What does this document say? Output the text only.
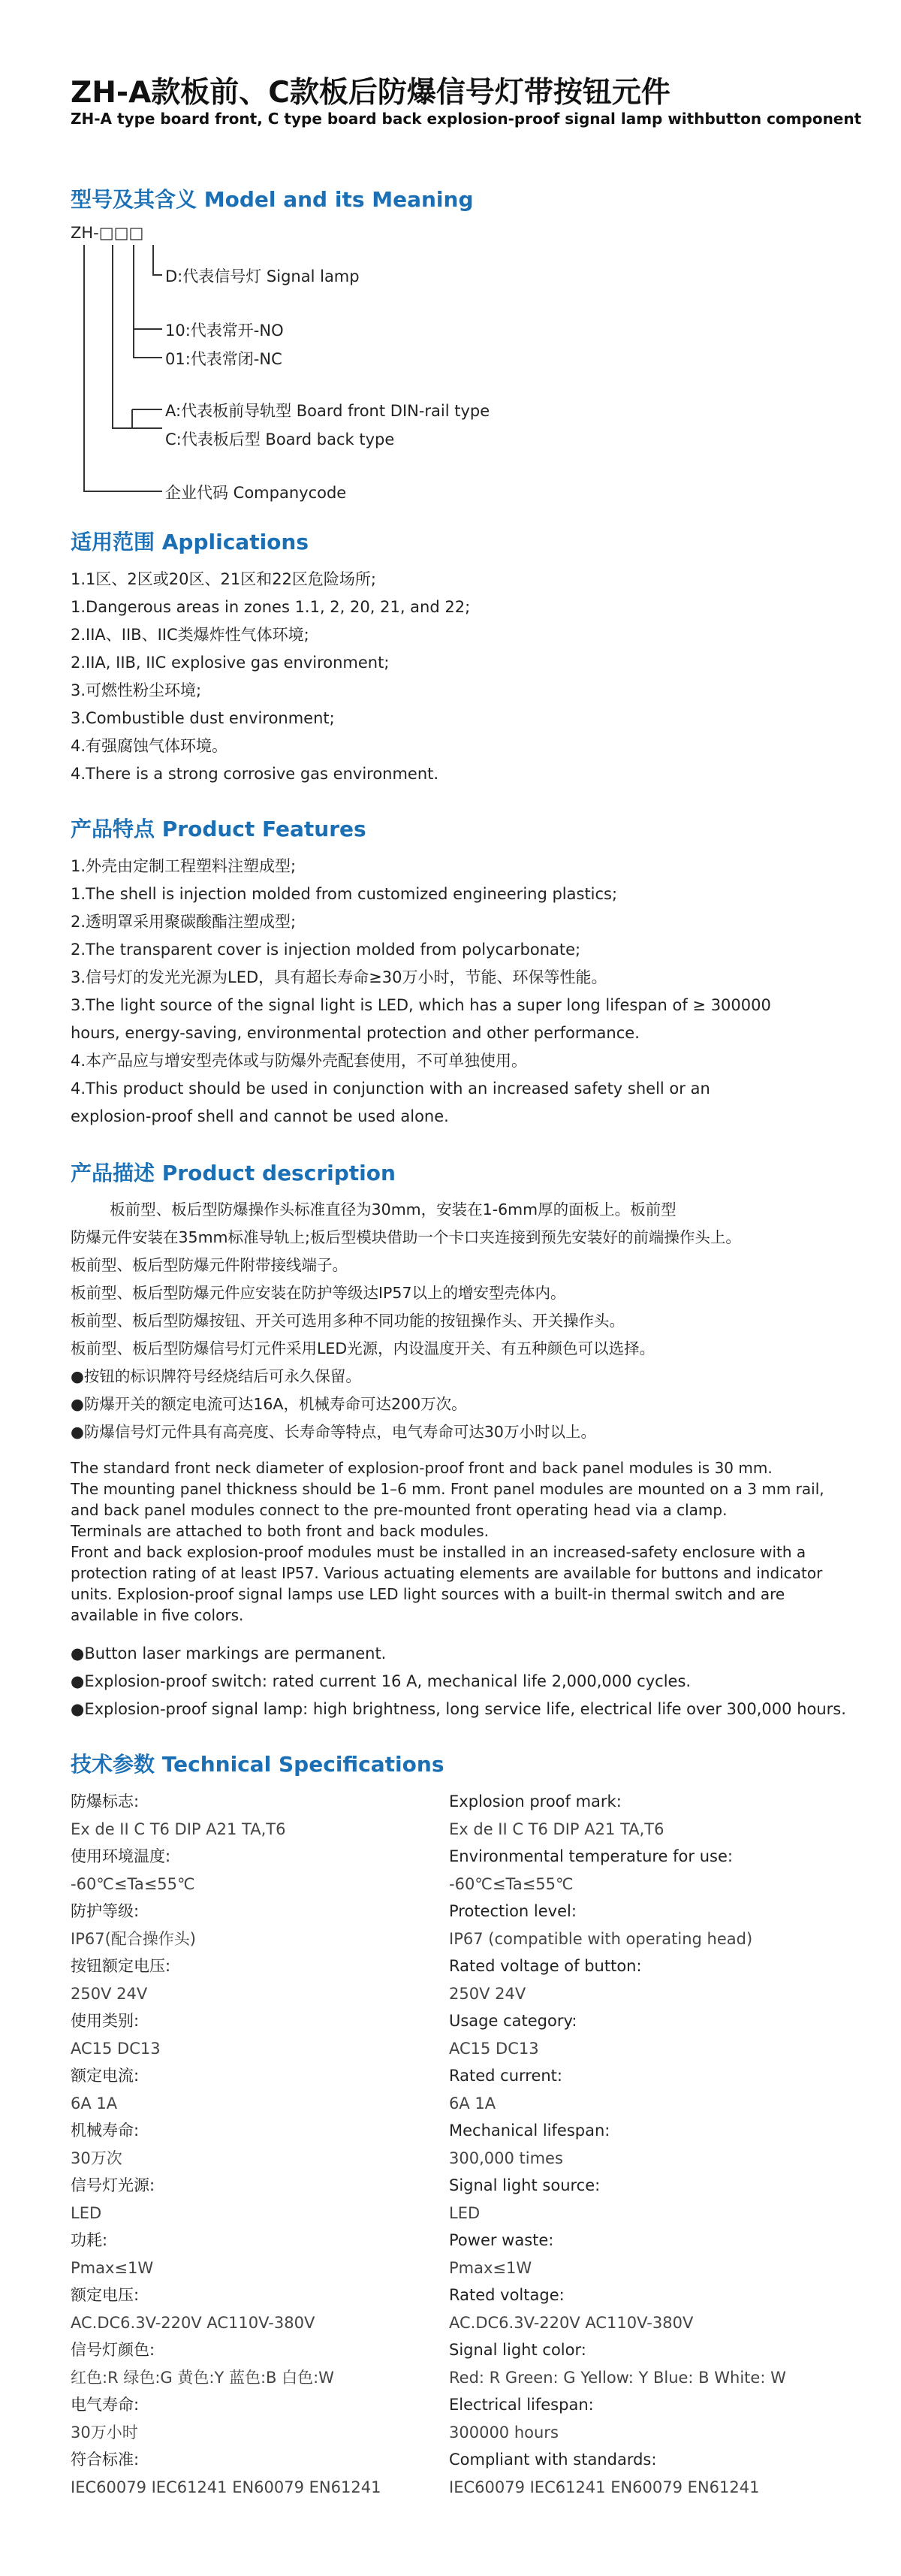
ZH-A款板前、C款板后防爆信号灯带按钮元件
ZH-A type board front, C type board back explosion-proof signal lamp withbutton component
型号及其含义 Model and its Meaning
ZH-□□□
D:代表信号灯 Signal lamp
10:代表常开-NO
01:代表常闭-NC
A:代表板前导轨型 Board front DIN-rail type
C:代表板后型 Board back type
企业代码 Companycode
适用范围 Applications
1.1区、2区或20区、21区和22区危险场所;
1.Dangerous areas in zones 1.1, 2, 20, 21, and 22;
2.IIA、IIB、IIC类爆炸性气体环境;
2.IIA, IIB, IIC explosive gas environment;
3.可燃性粉尘环境;
3.Combustible dust environment;
4.有强腐蚀气体环境。
4.There is a strong corrosive gas environment.
产品特点 Product Features
1.外壳由定制工程塑料注塑成型;
1.The shell is injection molded from customized engineering plastics;
2.透明罩采用聚碳酸酯注塑成型;
2.The transparent cover is injection molded from polycarbonate;
3.信号灯的发光光源为LED，具有超长寿命≥30万小时，节能、环保等性能。
3.The light source of the signal light is LED, which has a super long lifespan of ≥ 300000
hours, energy-saving, environmental protection and other performance.
4.本产品应与增安型壳体或与防爆外壳配套使用，不可单独使用。
4.This product should be used in conjunction with an increased safety shell or an
explosion-proof shell and cannot be used alone.
产品描述 Product description
板前型、板后型防爆操作头标准直径为30mm，安装在1-6mm厚的面板上。板前型
防爆元件安装在35mm标准导轨上;板后型模块借助一个卡口夹连接到预先安装好的前端操作头上。
板前型、板后型防爆元件附带接线端子。
板前型、板后型防爆元件应安装在防护等级达IP57以上的增安型壳体内。
板前型、板后型防爆按钮、开关可选用多种不同功能的按钮操作头、开关操作头。
板前型、板后型防爆信号灯元件采用LED光源，内设温度开关、有五种颜色可以选择。
●按钮的标识牌符号经烧结后可永久保留。
●防爆开关的额定电流可达16A，机械寿命可达200万次。
●防爆信号灯元件具有高亮度、长寿命等特点，电气寿命可达30万小时以上。
The standard front neck diameter of explosion-proof front and back panel modules is 30 mm.
The mounting panel thickness should be 1–6 mm. Front panel modules are mounted on a 3 mm rail, and back panel modules connect to the pre-mounted front operating head via a clamp.
Terminals are attached to both front and back modules.
Front and back explosion-proof modules must be installed in an increased-safety enclosure with a protection rating of at least IP57. Various actuating elements are available for buttons and indicator units. Explosion-proof signal lamps use LED light sources with a built-in thermal switch and are available in five colors.
●Button laser markings are permanent.
●Explosion-proof switch: rated current 16 A, mechanical life 2,000,000 cycles.
●Explosion-proof signal lamp: high brightness, long service life, electrical life over 300,000 hours.
技术参数 Technical Specifications
防爆标志:
Ex de II C T6 DIP A21 TA,T6
使用环境温度:
-60℃≤Ta≤55℃
防护等级:
IP67(配合操作头)
按钮额定电压:
250V 24V
使用类别:
AC15 DC13
额定电流:
6A 1A
机械寿命:
30万次
信号灯光源:
LED
功耗:
Pmax≤1W
额定电压:
AC.DC6.3V-220V AC110V-380V
信号灯颜色:
红色:R 绿色:G 黄色:Y 蓝色:B 白色:W
电气寿命:
30万小时
符合标准:
IEC60079 IEC61241 EN60079 EN61241
Explosion proof mark:
Ex de II C T6 DIP A21 TA,T6
Environmental temperature for use:
-60℃≤Ta≤55℃
Protection level:
IP67 (compatible with operating head)
Rated voltage of button:
250V 24V
Usage category:
AC15 DC13
Rated current:
6A 1A
Mechanical lifespan:
300,000 times
Signal light source:
LED
Power waste:
Pmax≤1W
Rated voltage:
AC.DC6.3V-220V AC110V-380V
Signal light color:
Red: R Green: G Yellow: Y Blue: B White: W
Electrical lifespan:
300000 hours
Compliant with standards:
IEC60079 IEC61241 EN60079 EN61241
